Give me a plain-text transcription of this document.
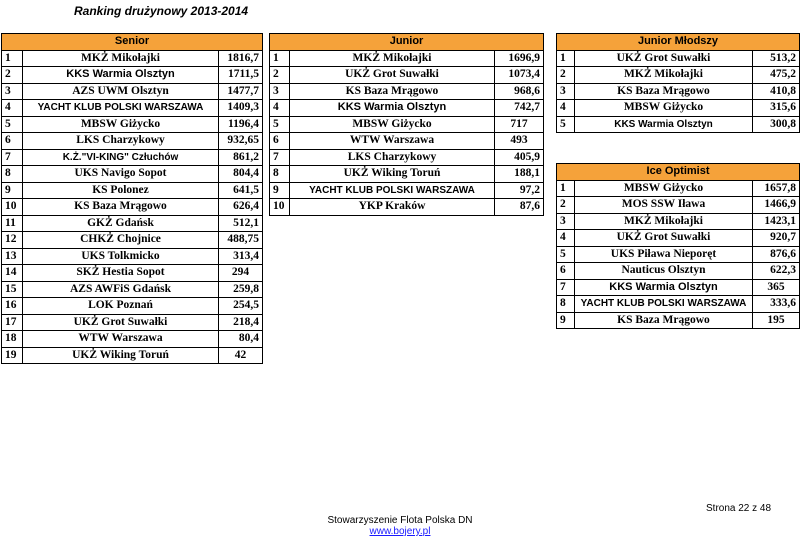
Ranking drużynowy 2013-2014
Senior		
1	MKŻ Mikołajki	1816,7
2	KKS Warmia Olsztyn	1711,5
3	AZS UWM Olsztyn	1477,7
4	YACHT KLUB POLSKI WARSZAWA	1409,3
5	MBSW Giżycko	1196,4
6	LKS Charzykowy	932,65
7	K.Ż."VI-KING" Człuchów	861,2
8	UKS Navigo Sopot	804,4
9	KS Polonez	641,5
10	KS Baza Mrągowo	626,4
11	GKŻ Gdańsk	512,1
12	CHKŻ Chojnice	488,75
13	UKS Tolkmicko	313,4
14	SKŻ Hestia Sopot	294
15	AZS AWFiS Gdańsk	259,8
16	LOK Poznań	254,5
17	UKŻ Grot Suwałki	218,4
18	WTW Warszawa	80,4
19	UKŻ Wiking Toruń	42
Junior		
1	MKŻ Mikołajki	1696,9
2	UKŻ Grot Suwałki	1073,4
3	KS Baza Mrągowo	968,6
4	KKS Warmia Olsztyn	742,7
5	MBSW Giżycko	717
6	WTW Warszawa	493
7	LKS Charzykowy	405,9
8	UKŻ Wiking Toruń	188,1
9	YACHT KLUB POLSKI WARSZAWA	97,2
10	YKP Kraków	87,6
Junior Młodszy		
1	UKŻ Grot Suwałki	513,2
2	MKŻ Mikołajki	475,2
3	KS Baza Mrągowo	410,8
4	MBSW Giżycko	315,6
5	KKS Warmia Olsztyn	300,8
Ice Optimist		
1	MBSW Giżycko	1657,8
2	MOS SSW Iława	1466,9
3	MKŻ Mikołajki	1423,1
4	UKŻ Grot Suwałki	920,7
5	UKS Piława Nieporęt	876,6
6	Nauticus Olsztyn	622,3
7	KKS Warmia Olsztyn	365
8	YACHT KLUB POLSKI WARSZAWA	333,6
9	KS Baza Mrągowo	195
Strona 22 z 48
Stowarzyszenie Flota Polska DN
www.bojery.pl
